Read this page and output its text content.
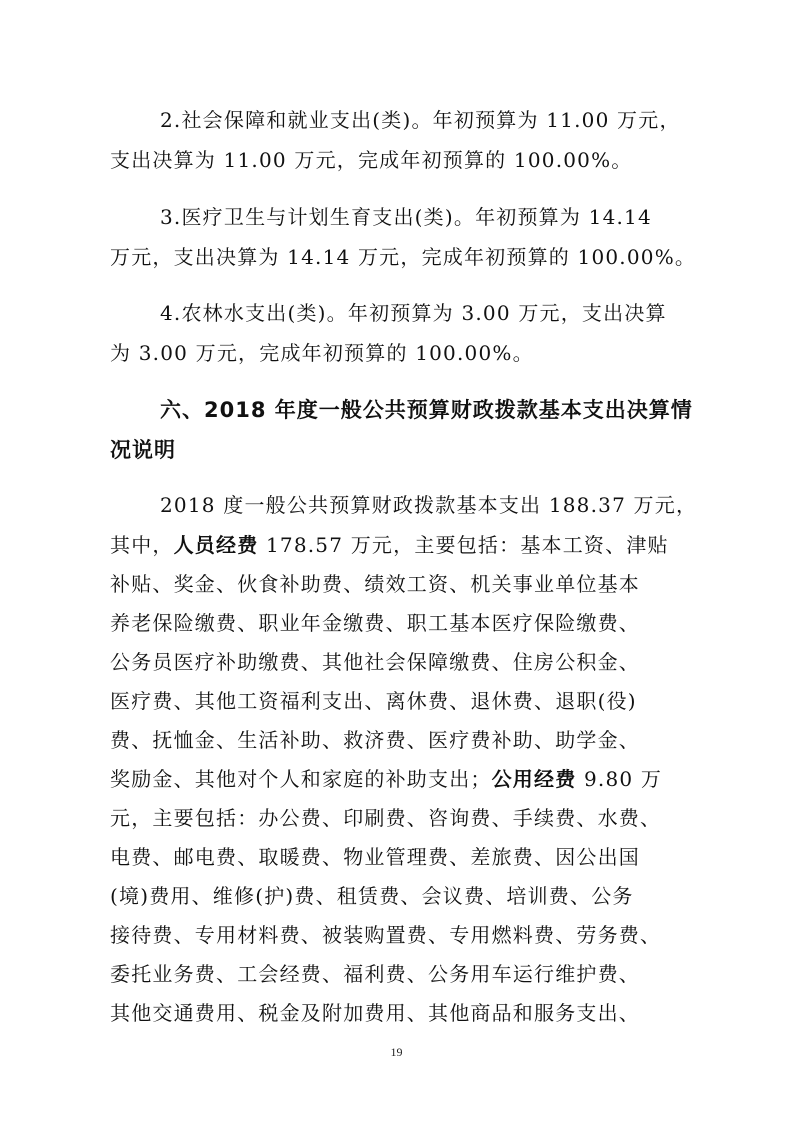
2.社会保障和就业支出(类)。年初预算为 11.00 万元，
支出决算为 11.00 万元，完成年初预算的 100.00%。
3.医疗卫生与计划生育支出(类)。年初预算为 14.14
万元，支出决算为 14.14 万元，完成年初预算的 100.00%。
4.农林水支出(类)。年初预算为 3.00 万元，支出决算
为 3.00 万元，完成年初预算的 100.00%。
六、2018 年度一般公共预算财政拨款基本支出决算情
况说明
2018 度一般公共预算财政拨款基本支出 188.37 万元，
其中，人员经费 178.57 万元，主要包括：基本工资、津贴
补贴、奖金、伙食补助费、绩效工资、机关事业单位基本
养老保险缴费、职业年金缴费、职工基本医疗保险缴费、
公务员医疗补助缴费、其他社会保障缴费、住房公积金、
医疗费、其他工资福利支出、离休费、退休费、退职(役)
费、抚恤金、生活补助、救济费、医疗费补助、助学金、
奖励金、其他对个人和家庭的补助支出；公用经费 9.80 万
元，主要包括：办公费、印刷费、咨询费、手续费、水费、
电费、邮电费、取暖费、物业管理费、差旅费、因公出国
(境)费用、维修(护)费、租赁费、会议费、培训费、公务
接待费、专用材料费、被装购置费、专用燃料费、劳务费、
委托业务费、工会经费、福利费、公务用车运行维护费、
其他交通费用、税金及附加费用、其他商品和服务支出、
19
